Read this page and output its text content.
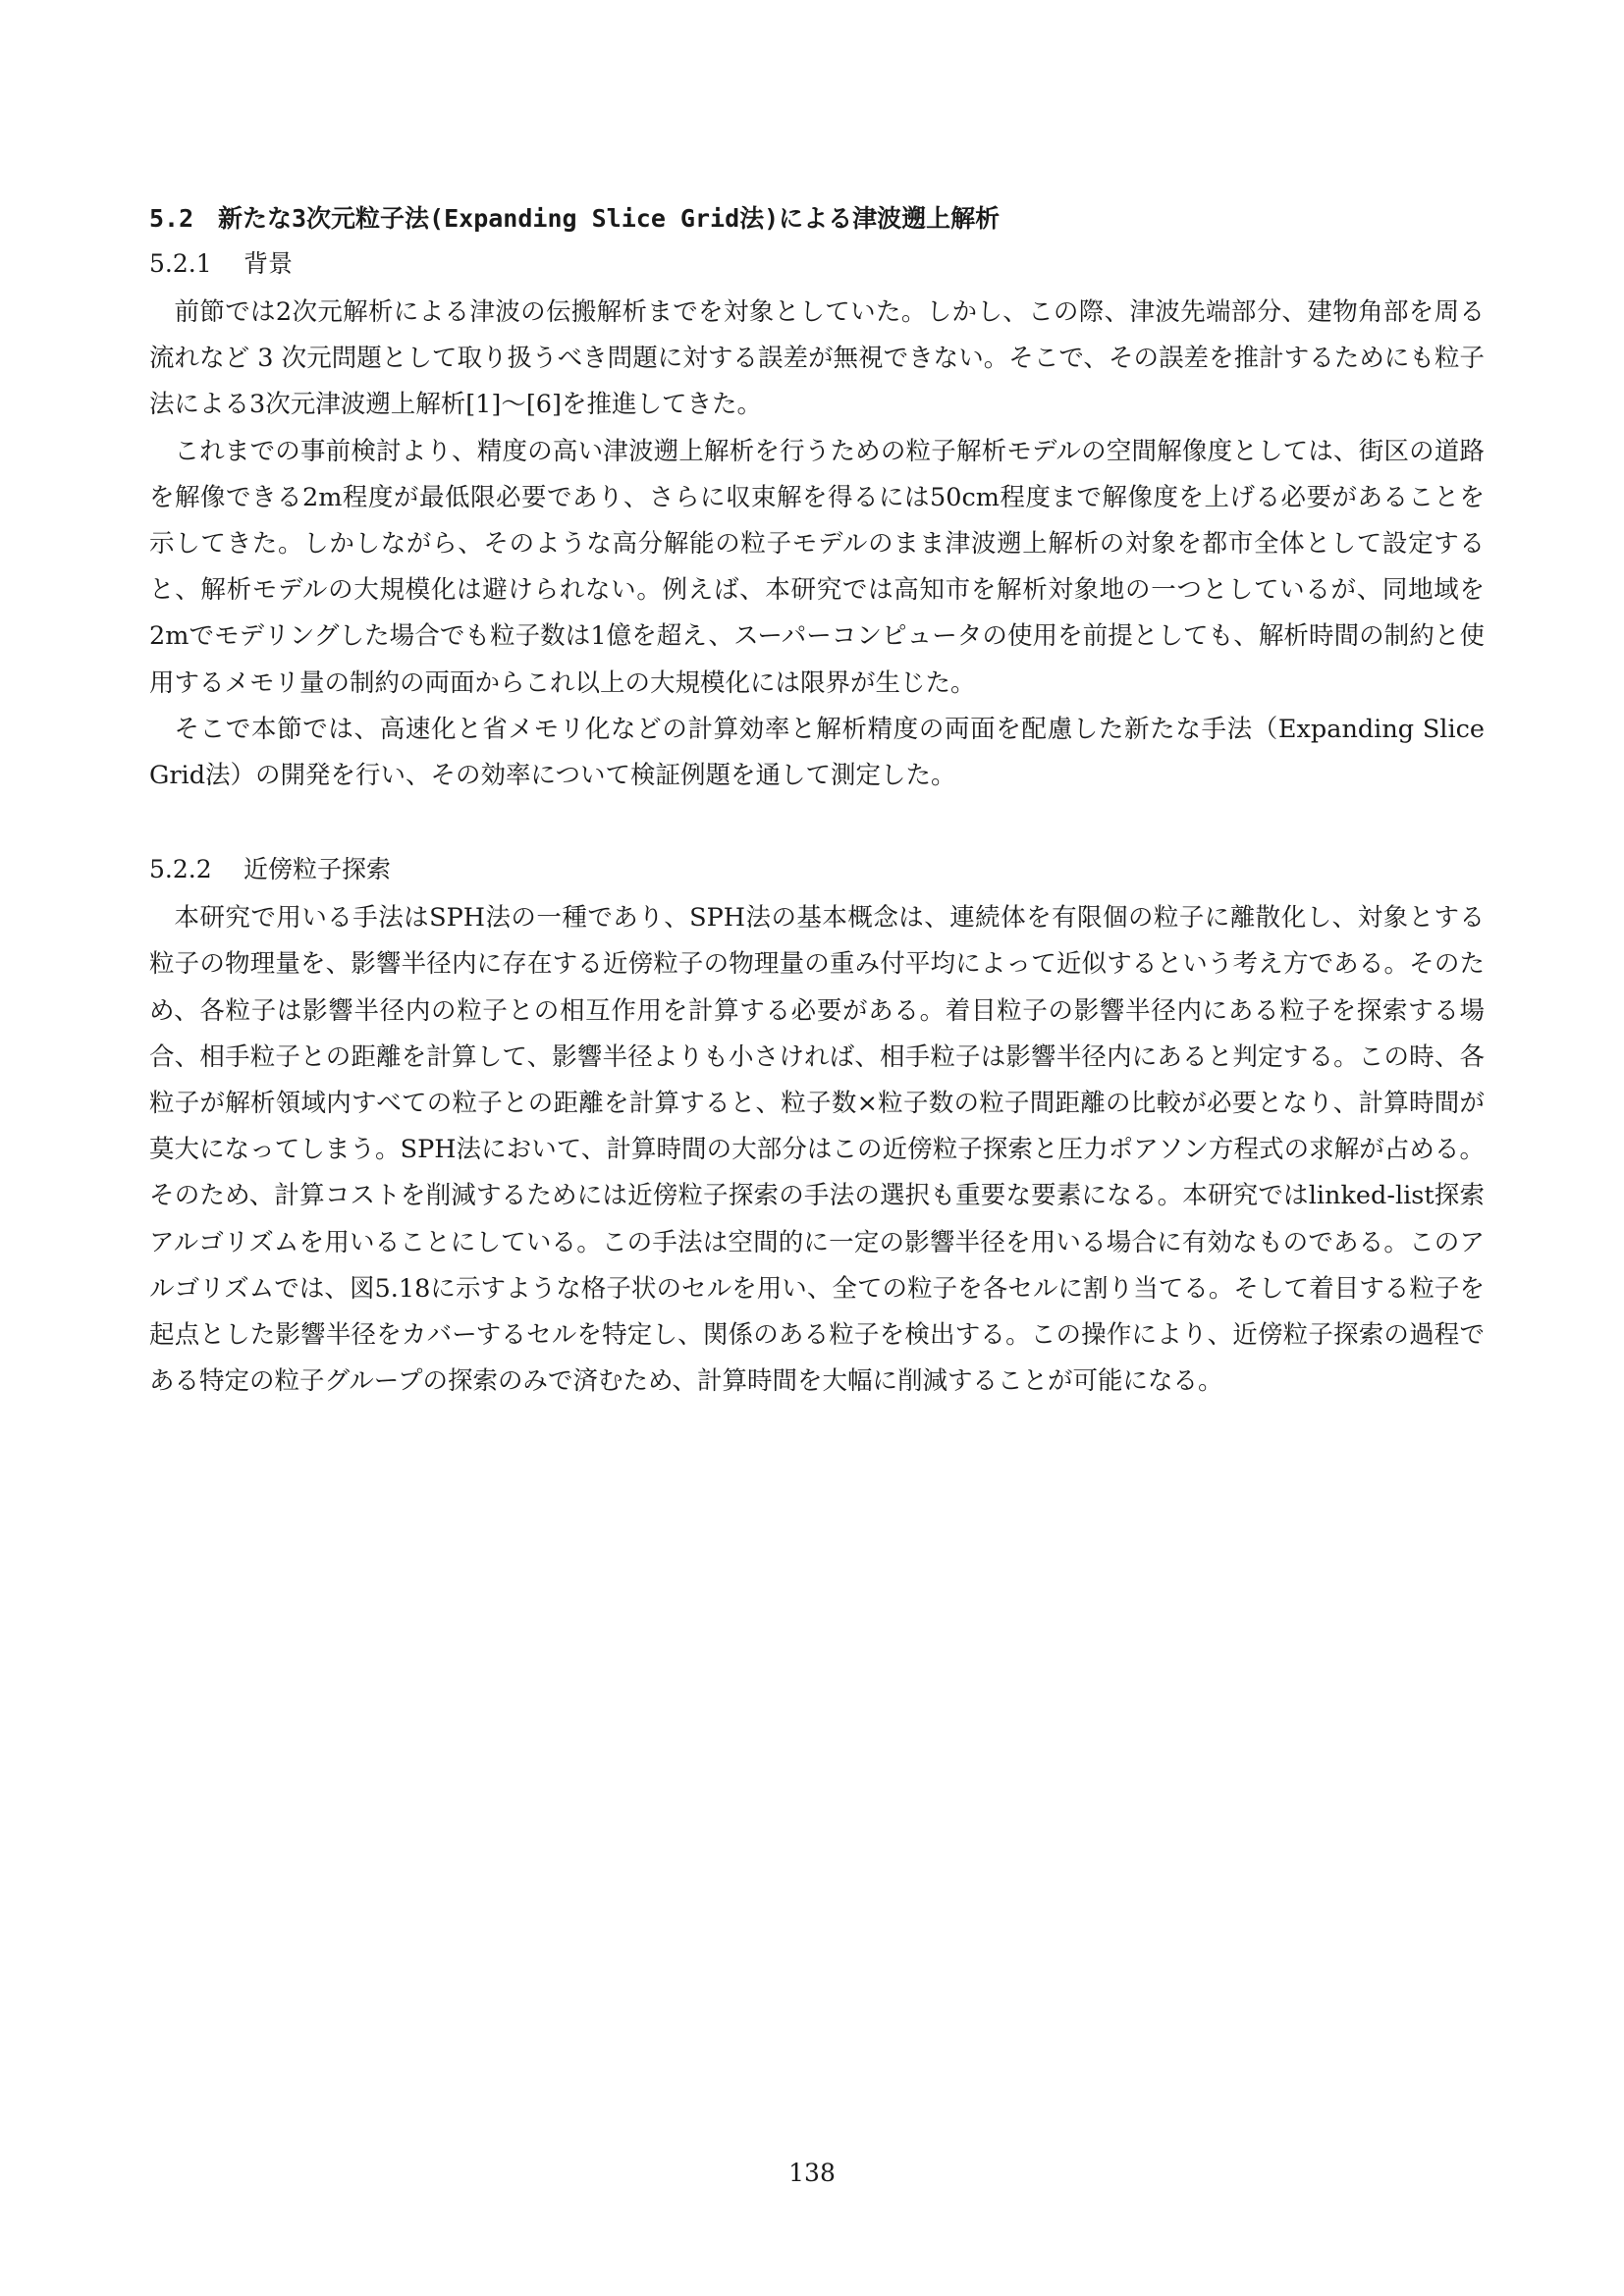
5.2 新たな3次元粒子法(Expanding Slice Grid法)による津波遡上解析
5.2.1 背景

前節では2次元解析による津波の伝搬解析までを対象としていた。しかし、この際、津波先端部分、建物角部を周る流れなど 3 次元問題として取り扱うべき問題に対する誤差が無視できない。そこで、その誤差を推計するためにも粒子法による3次元津波遡上解析[1]～[6]を推進してきた。

これまでの事前検討より、精度の高い津波遡上解析を行うための粒子解析モデルの空間解像度としては、街区の道路を解像できる2m程度が最低限必要であり、さらに収束解を得るには50cm程度まで解像度を上げる必要があることを示してきた。しかしながら、そのような高分解能の粒子モデルのまま津波遡上解析の対象を都市全体として設定すると、解析モデルの大規模化は避けられない。例えば、本研究では高知市を解析対象地の一つとしているが、同地域を2mでモデリングした場合でも粒子数は1億を超え、スーパーコンピュータの使用を前提としても、解析時間の制約と使用するメモリ量の制約の両面からこれ以上の大規模化には限界が生じた。

そこで本節では、高速化と省メモリ化などの計算効率と解析精度の両面を配慮した新たな手法（Expanding Slice Grid法）の開発を行い、その効率について検証例題を通して測定した。

5.2.2 近傍粒子探索

本研究で用いる手法はSPH法の一種であり、SPH法の基本概念は、連続体を有限個の粒子に離散化し、対象とする粒子の物理量を、影響半径内に存在する近傍粒子の物理量の重み付平均によって近似するという考え方である。そのため、各粒子は影響半径内の粒子との相互作用を計算する必要がある。着目粒子の影響半径内にある粒子を探索する場合、相手粒子との距離を計算して、影響半径よりも小さければ、相手粒子は影響半径内にあると判定する。この時、各粒子が解析領域内すべての粒子との距離を計算すると、粒子数×粒子数の粒子間距離の比較が必要となり、計算時間が莫大になってしまう。SPH法において、計算時間の大部分はこの近傍粒子探索と圧力ポアソン方程式の求解が占める。そのため、計算コストを削減するためには近傍粒子探索の手法の選択も重要な要素になる。本研究ではlinked-list探索アルゴリズムを用いることにしている。この手法は空間的に一定の影響半径を用いる場合に有効なものである。このアルゴリズムでは、図5.18に示すような格子状のセルを用い、全ての粒子を各セルに割り当てる。そして着目する粒子を起点とした影響半径をカバーするセルを特定し、関係のある粒子を検出する。この操作により、近傍粒子探索の過程である特定の粒子グループの探索のみで済むため、計算時間を大幅に削減することが可能になる。

138
